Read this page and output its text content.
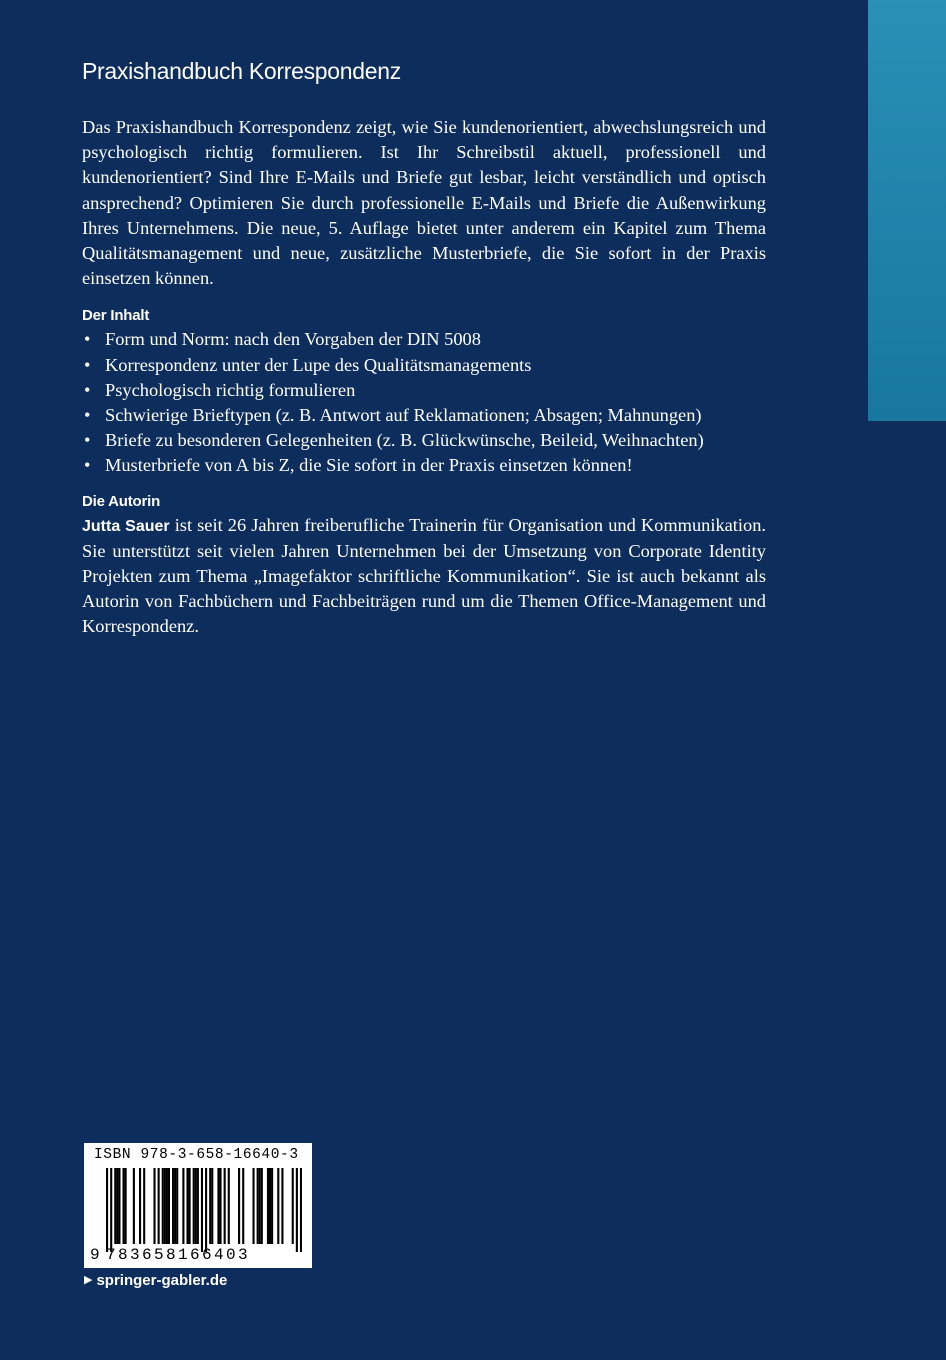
Praxishandbuch Korrespondenz

Das Praxishandbuch Korrespondenz zeigt, wie Sie kundenorientiert, abwechslungsreich und psychologisch richtig formulieren. Ist Ihr Schreibstil aktuell, professionell und kundenorientiert? Sind Ihre E-Mails und Briefe gut lesbar, leicht verständlich und optisch ansprechend? Optimieren Sie durch professionelle E-Mails und Briefe die Außenwirkung Ihres Unternehmens. Die neue, 5. Auflage bietet unter anderem ein Kapitel zum Thema Qualitätsmanagement und neue, zusätzliche Musterbriefe, die Sie sofort in der Praxis einsetzen können.

Der Inhalt
• Form und Norm: nach den Vorgaben der DIN 5008
• Korrespondenz unter der Lupe des Qualitätsmanagements
• Psychologisch richtig formulieren
• Schwierige Brieftypen (z. B. Antwort auf Reklamationen; Absagen; Mahnungen)
• Briefe zu besonderen Gelegenheiten (z. B. Glückwünsche, Beileid, Weihnachten)
• Musterbriefe von A bis Z, die Sie sofort in der Praxis einsetzen können!
Die Autorin

Jutta Sauer ist seit 26 Jahren freiberufliche Trainerin für Organisation und Kommunikation. Sie unterstützt seit vielen Jahren Unternehmen bei der Umsetzung von Corporate Identity Projekten zum Thema „Imagefaktor schriftliche Kommunikation“. Sie ist auch bekannt als Autorin von Fachbüchern und Fachbeiträgen rund um die Themen Office-Management und Korrespondenz.

ISBN 978-3-658-16640-3
9 783658166403
▶ springer-gabler.de
